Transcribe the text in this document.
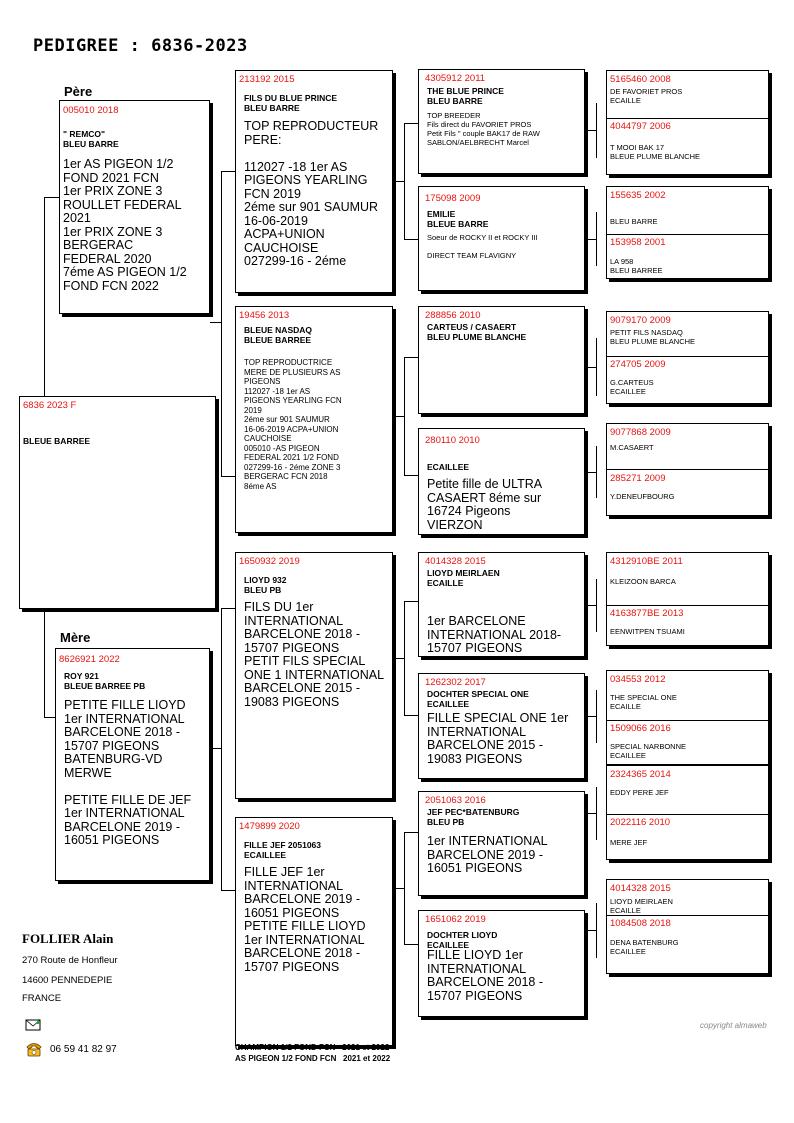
PEDIGREE : 6836-2023
Père
Mère
6836 2023 F
BLEUE BARREE
005010 2018
" REMCO"
BLEU BARRE
1er AS PIGEON 1/2
FOND 2021 FCN
1er PRIX ZONE 3
ROULLET FEDERAL
2021
1er PRIX ZONE 3
BERGERAC
FEDERAL 2020
7éme AS PIGEON 1/2
FOND FCN 2022
8626921 2022
ROY 921
BLEUE BARREE PB
PETITE FILLE LIOYD
1er INTERNATIONAL
BARCELONE 2018 -
15707 PIGEONS
BATENBURG-VD
MERWE

PETITE FILLE DE JEF
1er INTERNATIONAL
BARCELONE 2019 -
16051 PIGEONS
213192 2015
FILS DU BLUE PRINCE
BLEU BARRE
TOP REPRODUCTEUR
PERE:

112027 -18 1er AS
PIGEONS YEARLING
FCN 2019
2éme sur 901 SAUMUR
16-06-2019
ACPA+UNION
CAUCHOISE
027299-16 - 2éme
19456 2013
BLEUE NASDAQ
BLEUE BARREE
TOP REPRODUCTRICE
MERE DE PLUSIEURS AS
PIGEONS
112027 -18 1er AS
PIGEONS YEARLING FCN
2019
2éme sur 901 SAUMUR
16-06-2019 ACPA+UNION
CAUCHOISE
005010 -AS PIGEON
FEDERAL 2021 1/2 FOND
027299-16 - 2éme ZONE 3
BERGERAC FCN 2018
8éme AS
1650932 2019
LIOYD 932
BLEU PB
FILS DU 1er
INTERNATIONAL
BARCELONE 2018 -
15707 PIGEONS
PETIT FILS SPECIAL
ONE 1 INTERNATIONAL
BARCELONE 2015 -
19083 PIGEONS
1479899 2020
FILLE JEF 2051063
ECAILLEE
FILLE JEF 1er
INTERNATIONAL
BARCELONE 2019 -
16051 PIGEONS
PETITE FILLE LIOYD
1er INTERNATIONAL
BARCELONE 2018 -
15707 PIGEONS
4305912 2011
THE BLUE PRINCE
BLEU BARRE
TOP BREEDER
Fils direct du FAVORIET PROS
Petit Fils " couple BAK17 de RAW
SABLON/AELBRECHT Marcel
175098 2009
EMILIE
BLEUE BARRE
Soeur de ROCKY II et ROCKY III

DIRECT TEAM FLAVIGNY
288856 2010
CARTEUS / CASAERT
BLEU PLUME BLANCHE
280110 2010
ECAILLEE
Petite fille de ULTRA
CASAERT 8éme sur
16724 Pigeons
VIERZON
4014328 2015
LIOYD MEIRLAEN
ECAILLE
1er BARCELONE
INTERNATIONAL 2018-
15707 PIGEONS
1262302 2017
DOCHTER SPECIAL ONE
ECAILLEE
FILLE SPECIAL ONE 1er
INTERNATIONAL
BARCELONE 2015 -
19083 PIGEONS
2051063 2016
JEF PEC*BATENBURG
BLEU PB
1er INTERNATIONAL
BARCELONE 2019 -
16051 PIGEONS
1651062 2019
DOCHTER LIOYD
ECAILLEE
FILLE LIOYD 1er
INTERNATIONAL
BARCELONE 2018 -
15707 PIGEONS
5165460 2008
DE FAVORIET PROS
ECAILLE
4044797 2006
T MOOI BAK 17
BLEUE PLUME BLANCHE
155635 2002
BLEU BARRE
153958 2001
LA 958
BLEU BARREE
9079170 2009
PETIT FILS NASDAQ
BLEU PLUME BLANCHE
274705 2009
G.CARTEUS
ECAILLEE
9077868 2009
M.CASAERT
285271 2009
Y.DENEUFBOURG
4312910BE 2011
KLEIZOON BARCA
4163877BE 2013
EENWITPEN TSUAMI
034553 2012
THE SPECIAL ONE
ECAILLE
1509066 2016
SPECIAL NARBONNE
ECAILLEE
2324365 2014
EDDY PERE JEF
2022116 2010
MERE JEF
4014328 2015
LIOYD MEIRLAEN
ECAILLE
1084508 2018
DENA BATENBURG
ECAILLEE
FOLLIER Alain
270 Route de Honfleur
14600 PENNEDEPIE
FRANCE
06 59 41 82 97	CHAMPION 1/2 FOND FCN   2021 et 2022
AS PIGEON 1/2 FOND FCN   2021 et 2022
copyright almaweb
